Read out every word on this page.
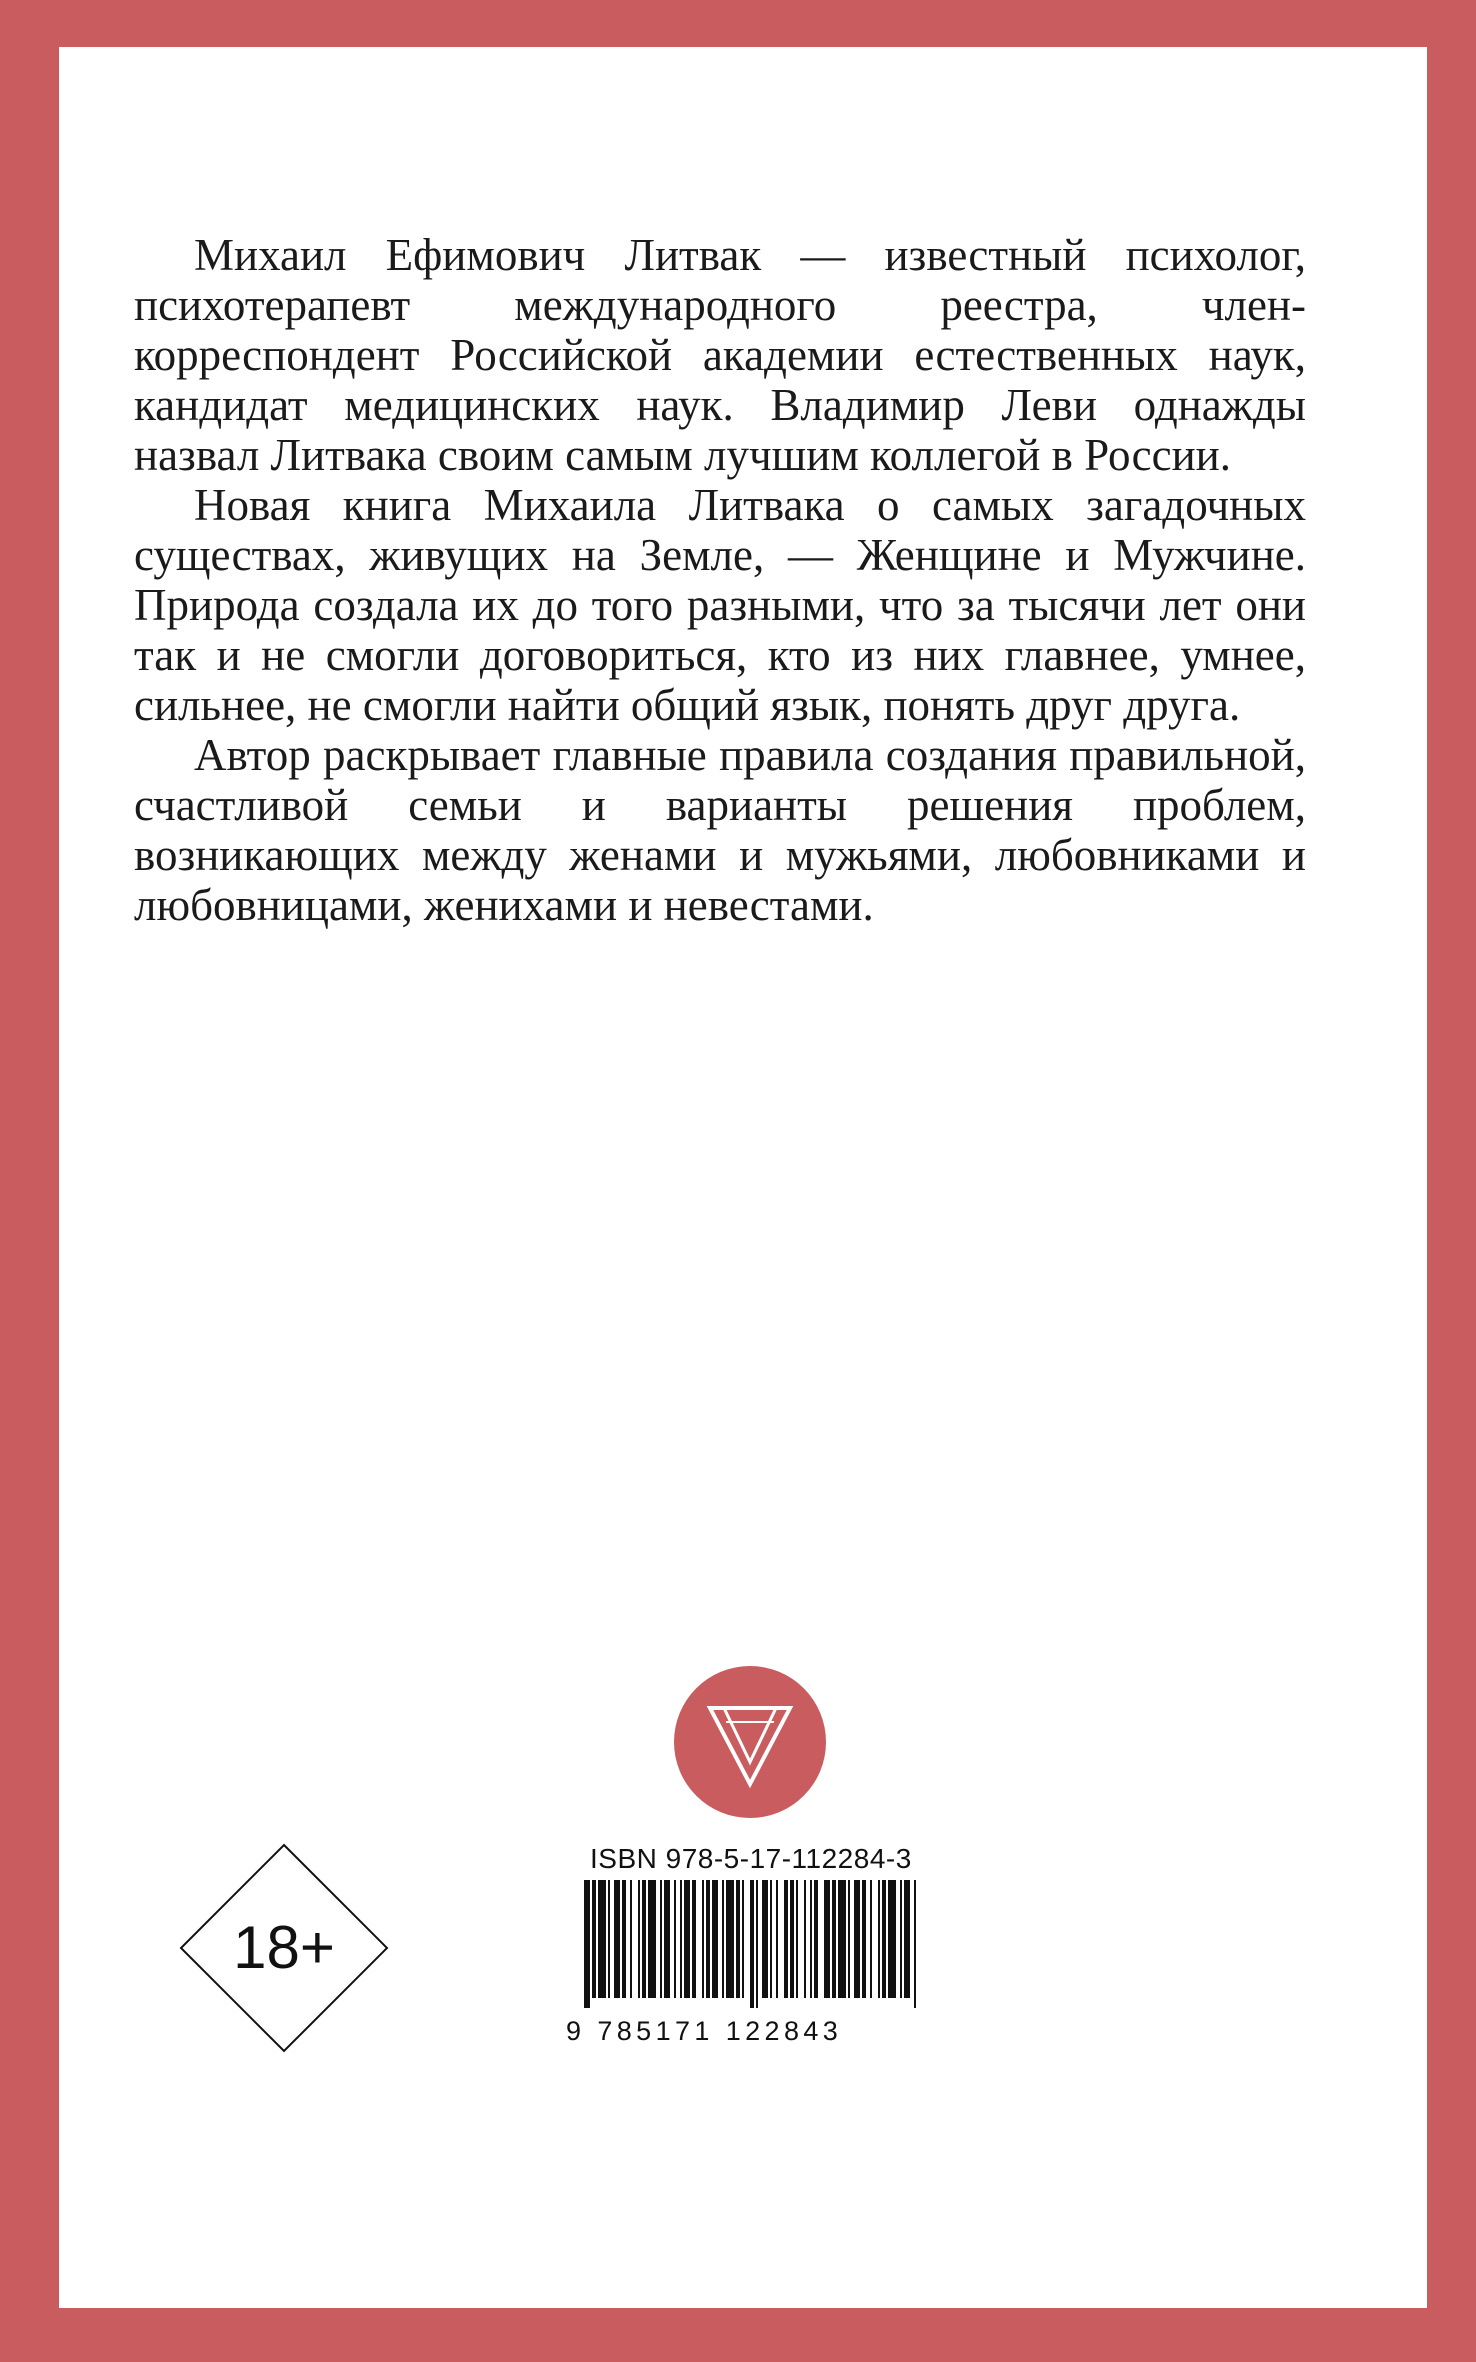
Михаил Ефимович Литвак — известный психолог, психотерапевт международного реестра, член-корреспондент Российской академии естественных наук, кандидат медицинских наук. Владимир Леви однажды назвал Литвака своим самым лучшим коллегой в России.

Новая книга Михаила Литвака о самых загадочных существах, живущих на Земле, — Женщине и Мужчине. Природа создала их до того разными, что за тысячи лет они так и не смогли договориться, кто из них главнее, умнее, сильнее, не смогли найти общий язык, понять друг друга.

Автор раскрывает главные правила создания правильной, счастливой семьи и варианты решения проблем, возникающих между женами и мужьями, любовниками и любовницами, женихами и невестами.

18+
ISBN 978-5-17-112284-3
9 785171 122843
